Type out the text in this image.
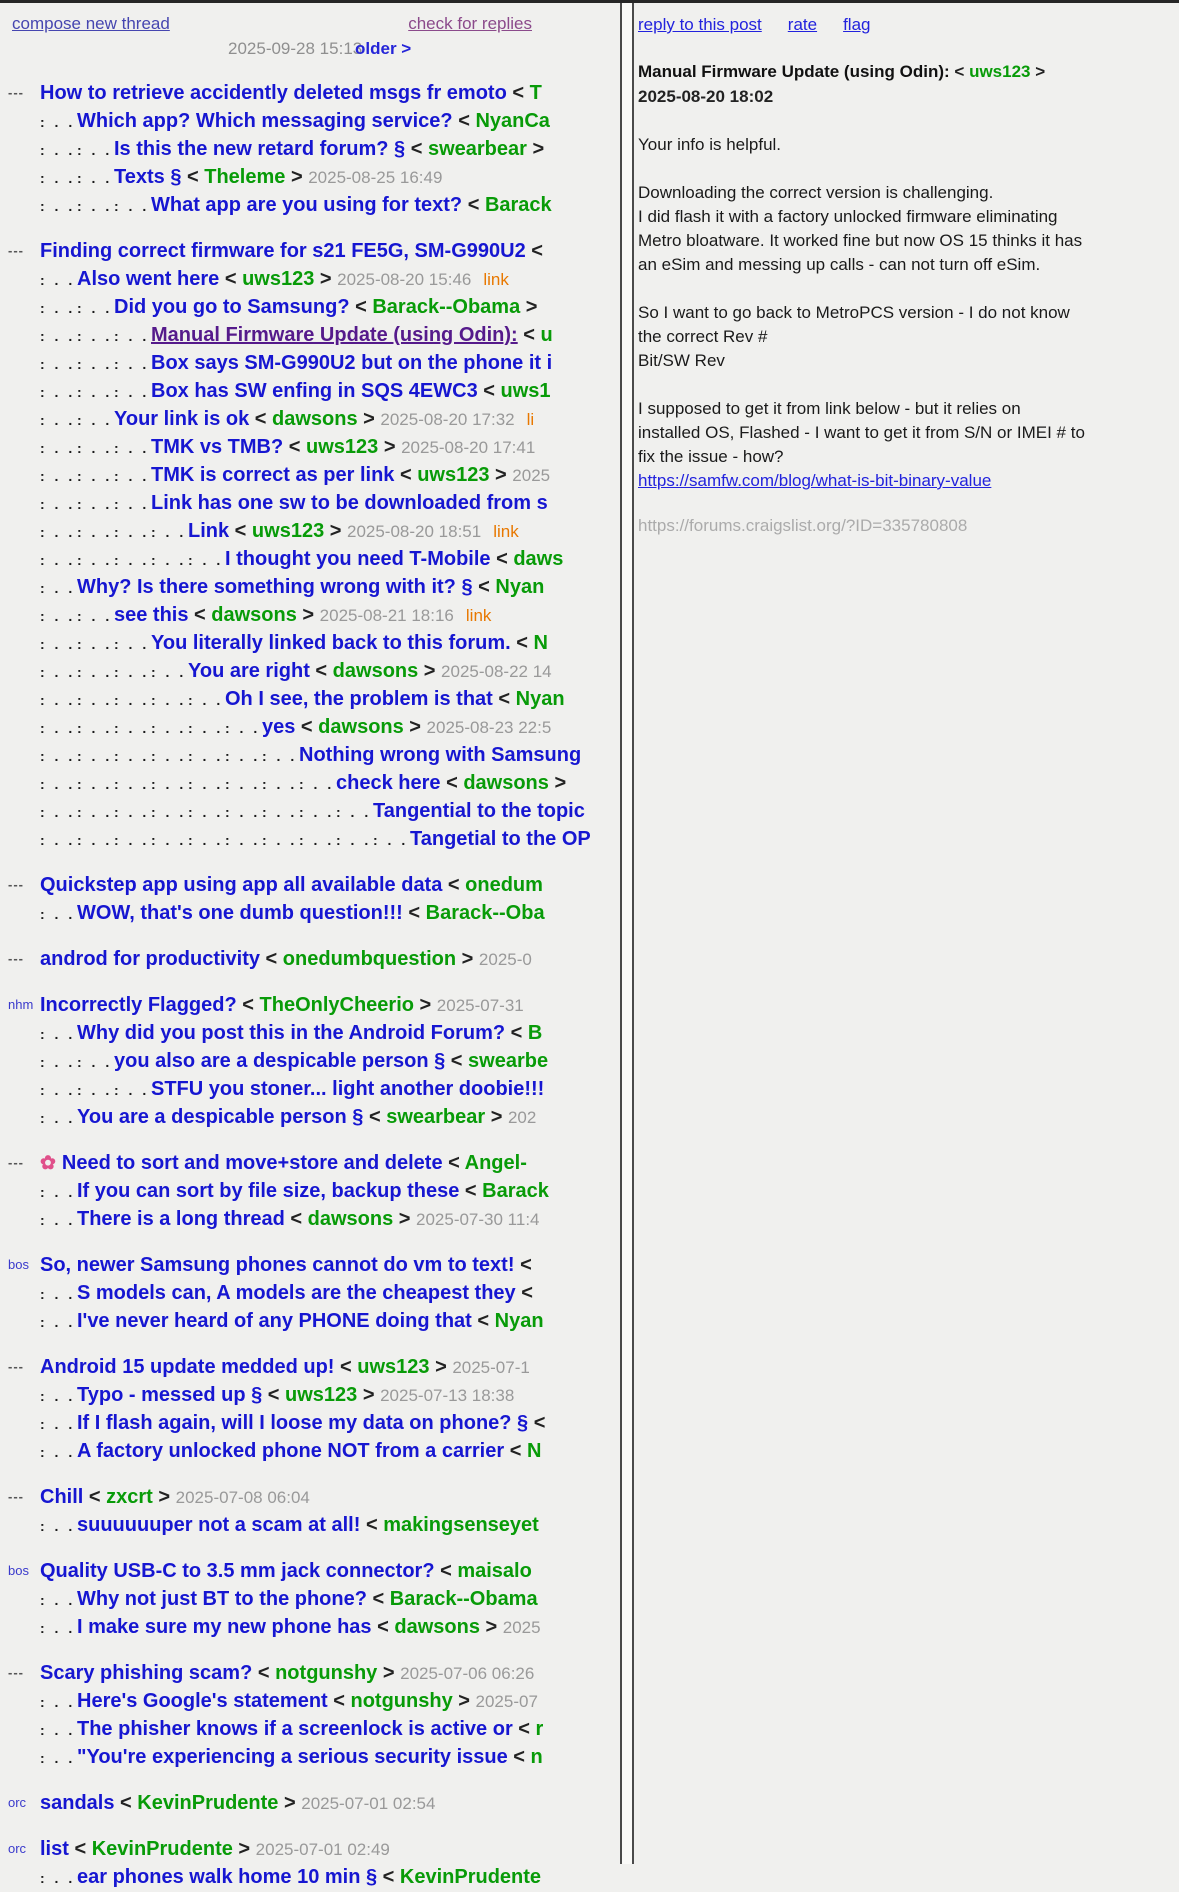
compose new thread	check for replies
2025-09-28 15:13
older >
--- How to retrieve accidently deleted msgs fr emoto < T
: . .Which app? Which messaging service? < NyanCa
: . . : . .Is this the new retard forum? § < swearbear >
: . . : . .Texts § < Theleme > 2025-08-25 16:49
: . . : . . : . .What app are you using for text? < Barack
--- Finding correct firmware for s21 FE5G, SM-G990U2 <
: . .Also went here < uws123 > 2025-08-20 15:46 link
: . . : . .Did you go to Samsung? < Barack--Obama >
: . . : . . : . .Manual Firmware Update (using Odin): < u
: . . : . . : . .Box says SM-G990U2 but on the phone it i
: . . : . . : . .Box has SW enfing in SQS 4EWC3 < uws1
: . . : . .Your link is ok < dawsons > 2025-08-20 17:32 li
: . . : . . : . .TMK vs TMB? < uws123 > 2025-08-20 17:41
: . . : . . : . .TMK is correct as per link < uws123 > 2025
: . . : . . : . .Link has one sw to be downloaded from s
: . . : . . : . . : . .Link < uws123 > 2025-08-20 18:51 link
: . . : . . : . . : . . : . .I thought you need T-Mobile < daws
: . .Why? Is there something wrong with it? § < Nyan
: . . : . .see this < dawsons > 2025-08-21 18:16 link
: . . : . . : . .You literally linked back to this forum. < N
: . . : . . : . . : . .You are right < dawsons > 2025-08-22 14
: . . : . . : . . : . . : . .Oh I see, the problem is that < Nyan
: . . : . . : . . : . . : . . : . .yes < dawsons > 2025-08-23 22:5
: . . : . . : . . : . . : . . : . . : . .Nothing wrong with Samsung
: . . : . . : . . : . . : . . : . . : . . : . .check here < dawsons >
: . . : . . : . . : . . : . . : . . : . . : . . : . .Tangential to the topic
: . . : . . : . . : . . : . . : . . : . . : . . : . . : . .Tangetial to the OP
--- Quickstep app using app all available data < onedum
: . .WOW, that's one dumb question!!! < Barack--Oba
--- androd for productivity < onedumbquestion > 2025-0
nhm Incorrectly Flagged? < TheOnlyCheerio > 2025-07-31
: . .Why did you post this in the Android Forum? < B
: . . : . .you also are a despicable person § < swearbe
: . . : . . : . .STFU you stoner... light another doobie!!!
: . .You are a despicable person § < swearbear > 202
--- ✿ Need to sort and move+store and delete < Angel-
: . .If you can sort by file size, backup these < Barack
: . .There is a long thread < dawsons > 2025-07-30 11:4
bos So, newer Samsung phones cannot do vm to text! <
: . .S models can, A models are the cheapest they <
: . .I've never heard of any PHONE doing that < Nyan
--- Android 15 update medded up! < uws123 > 2025-07-1
: . .Typo - messed up § < uws123 > 2025-07-13 18:38
: . .If I flash again, will I loose my data on phone? § <
: . .A factory unlocked phone NOT from a carrier < N
--- Chill < zxcrt > 2025-07-08 06:04
: . .suuuuuuper not a scam at all! < makingsenseyet
bos Quality USB-C to 3.5 mm jack connector? < maisalo
: . .Why not just BT to the phone? < Barack--Obama
: . .I make sure my new phone has < dawsons > 2025
--- Scary phishing scam? < notgunshy > 2025-07-06 06:26
: . .Here's Google's statement < notgunshy > 2025-07
: . .The phisher knows if a screenlock is active or < r
: . ."You're experiencing a serious security issue < n
orc sandals < KevinPrudente > 2025-07-01 02:54
orc list < KevinPrudente > 2025-07-01 02:49
: . .ear phones walk home 10 min § < KevinPrudente
reply to this post rate flag
Manual Firmware Update (using Odin): < uws123 >
2025-08-20 18:02
Your info is helpful.
Downloading the correct version is challenging.
I did flash it with a factory unlocked firmware eliminating
Metro bloatware. It worked fine but now OS 15 thinks it has
an eSim and messing up calls - can not turn off eSim.
So I want to go back to MetroPCS version - I do not know
the correct Rev #
Bit/SW Rev
I supposed to get it from link below - but it relies on
installed OS, Flashed - I want to get it from S/N or IMEI # to
fix the issue - how?
https://samfw.com/blog/what-is-bit-binary-value
https://forums.craigslist.org/?ID=335780808
